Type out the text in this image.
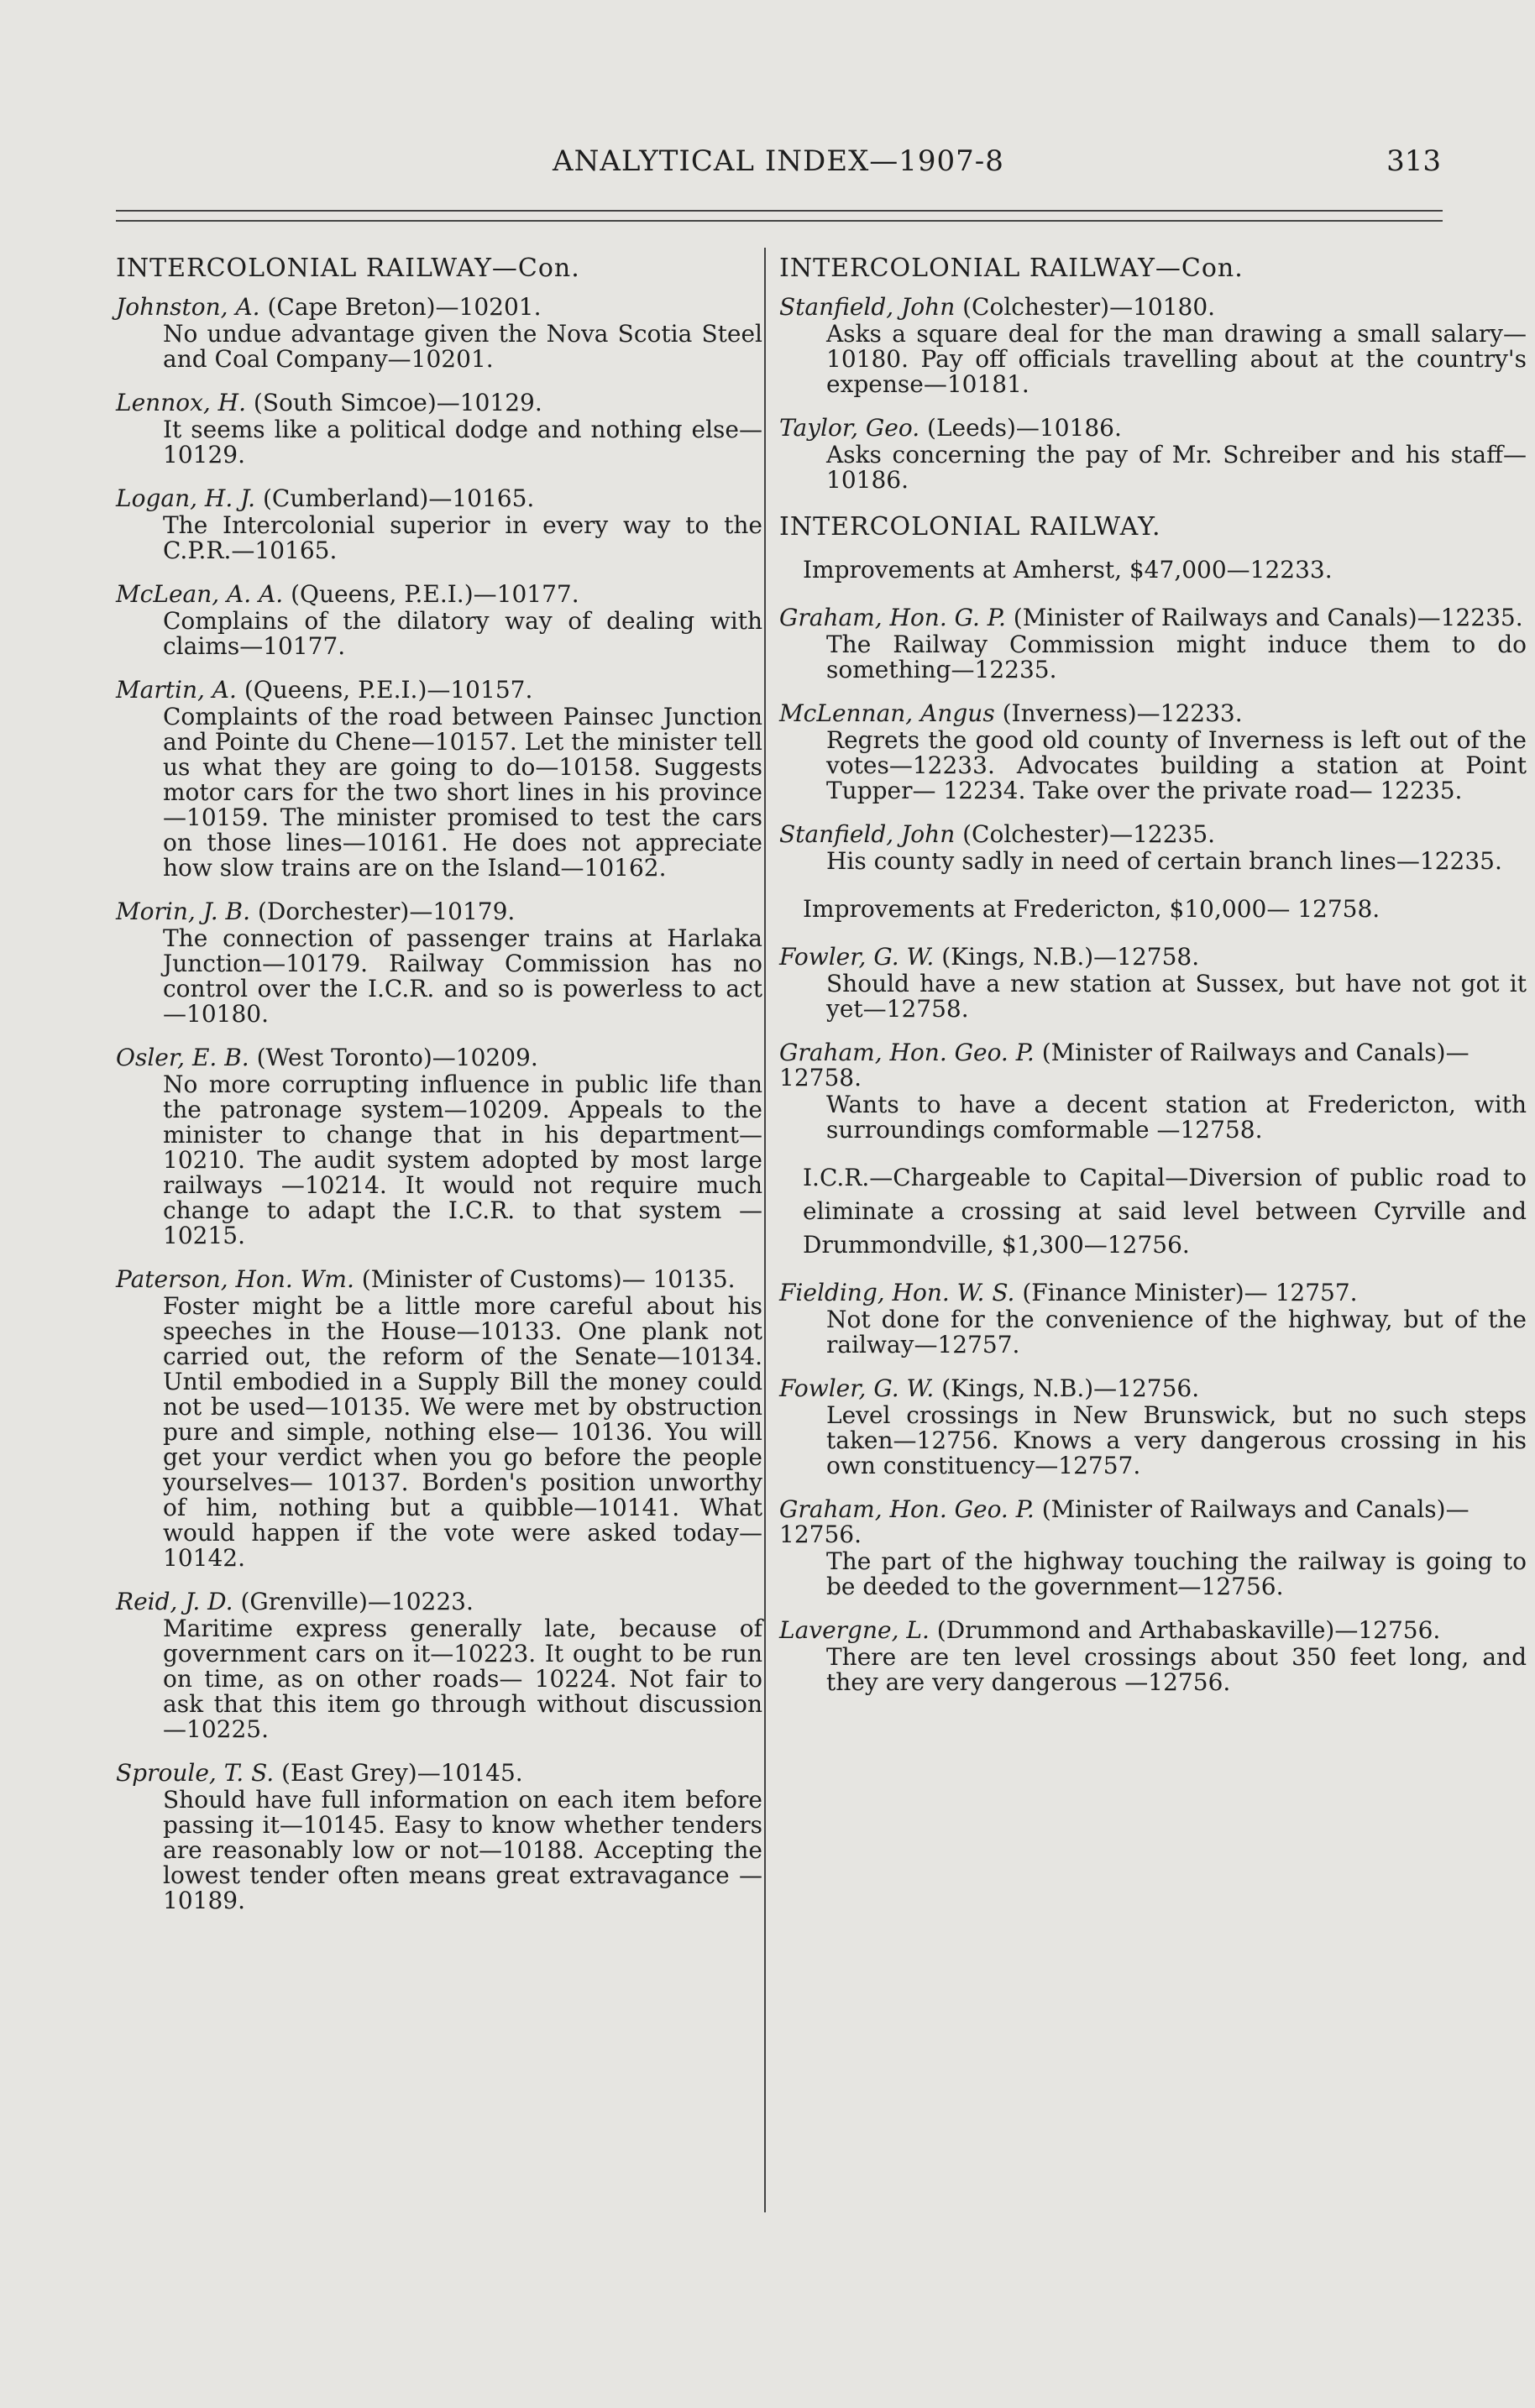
ANALYTICAL INDEX—1907-8	313
INTERCOLONIAL RAILWAY—Con.
Johnston, A. (Cape Breton)—10201.
No undue advantage given the Nova Scotia Steel and Coal Company—10201.
Lennox, H. (South Simcoe)—10129.
It seems like a political dodge and nothing else—10129.
Logan, H. J. (Cumberland)—10165.
The Intercolonial superior in every way to the C.P.R.—10165.
McLean, A. A. (Queens, P.E.I.)—10177.
Complains of the dilatory way of dealing with claims—10177.
Martin, A. (Queens, P.E.I.)—10157.
Complaints of the road between Painsec Junction and Pointe du Chene—10157. Let the minister tell us what they are going to do—10158. Suggests motor cars for the two short lines in his province —10159. The minister promised to test the cars on those lines—10161. He does not appreciate how slow trains are on the Island—10162.
Morin, J. B. (Dorchester)—10179.
The connection of passenger trains at Harlaka Junction—10179. Railway Commission has no control over the I.C.R. and so is powerless to act—10180.
Osler, E. B. (West Toronto)—10209.
No more corrupting influence in public life than the patronage system—10209. Appeals to the minister to change that in his department—10210. The audit system adopted by most large railways —10214. It would not require much change to adapt the I.C.R. to that system —10215.
Paterson, Hon. Wm. (Minister of Customs)— 10135.
Foster might be a little more careful about his speeches in the House—10133. One plank not carried out, the reform of the Senate—10134. Until embodied in a Supply Bill the money could not be used—10135. We were met by obstruction pure and simple, nothing else— 10136. You will get your verdict when you go before the people yourselves— 10137. Borden's position unworthy of him, nothing but a quibble—10141. What would happen if the vote were asked today—10142.
Reid, J. D. (Grenville)—10223.
Maritime express generally late, because of government cars on it—10223. It ought to be run on time, as on other roads— 10224. Not fair to ask that this item go through without discussion—10225.
Sproule, T. S. (East Grey)—10145.
Should have full information on each item before passing it—10145. Easy to know whether tenders are reasonably low or not—10188. Accepting the lowest tender often means great extravagance —10189.
INTERCOLONIAL RAILWAY—Con.
Stanfield, John (Colchester)—10180.
Asks a square deal for the man drawing a small salary—10180. Pay off officials travelling about at the country's expense—10181.
Taylor, Geo. (Leeds)—10186.
Asks concerning the pay of Mr. Schreiber and his staff—10186.
INTERCOLONIAL RAILWAY.
Improvements at Amherst, $47,000—12233.
Graham, Hon. G. P. (Minister of Railways and Canals)—12235.
The Railway Commission might induce them to do something—12235.
McLennan, Angus (Inverness)—12233.
Regrets the good old county of Inverness is left out of the votes—12233. Advocates building a station at Point Tupper— 12234. Take over the private road— 12235.
Stanfield, John (Colchester)—12235.
His county sadly in need of certain branch lines—12235.
Improvements at Fredericton, $10,000— 12758.
Fowler, G. W. (Kings, N.B.)—12758.
Should have a new station at Sussex, but have not got it yet—12758.
Graham, Hon. Geo. P. (Minister of Railways and Canals)—12758.
Wants to have a decent station at Fredericton, with surroundings comformable —12758.
I.C.R.—Chargeable to Capital—Diversion of public road to eliminate a crossing at said level between Cyrville and Drummondville, $1,300—12756.
Fielding, Hon. W. S. (Finance Minister)— 12757.
Not done for the convenience of the highway, but of the railway—12757.
Fowler, G. W. (Kings, N.B.)—12756.
Level crossings in New Brunswick, but no such steps taken—12756. Knows a very dangerous crossing in his own constituency—12757.
Graham, Hon. Geo. P. (Minister of Railways and Canals)—12756.
The part of the highway touching the railway is going to be deeded to the government—12756.
Lavergne, L. (Drummond and Arthabaskaville)—12756.
There are ten level crossings about 350 feet long, and they are very dangerous —12756.
